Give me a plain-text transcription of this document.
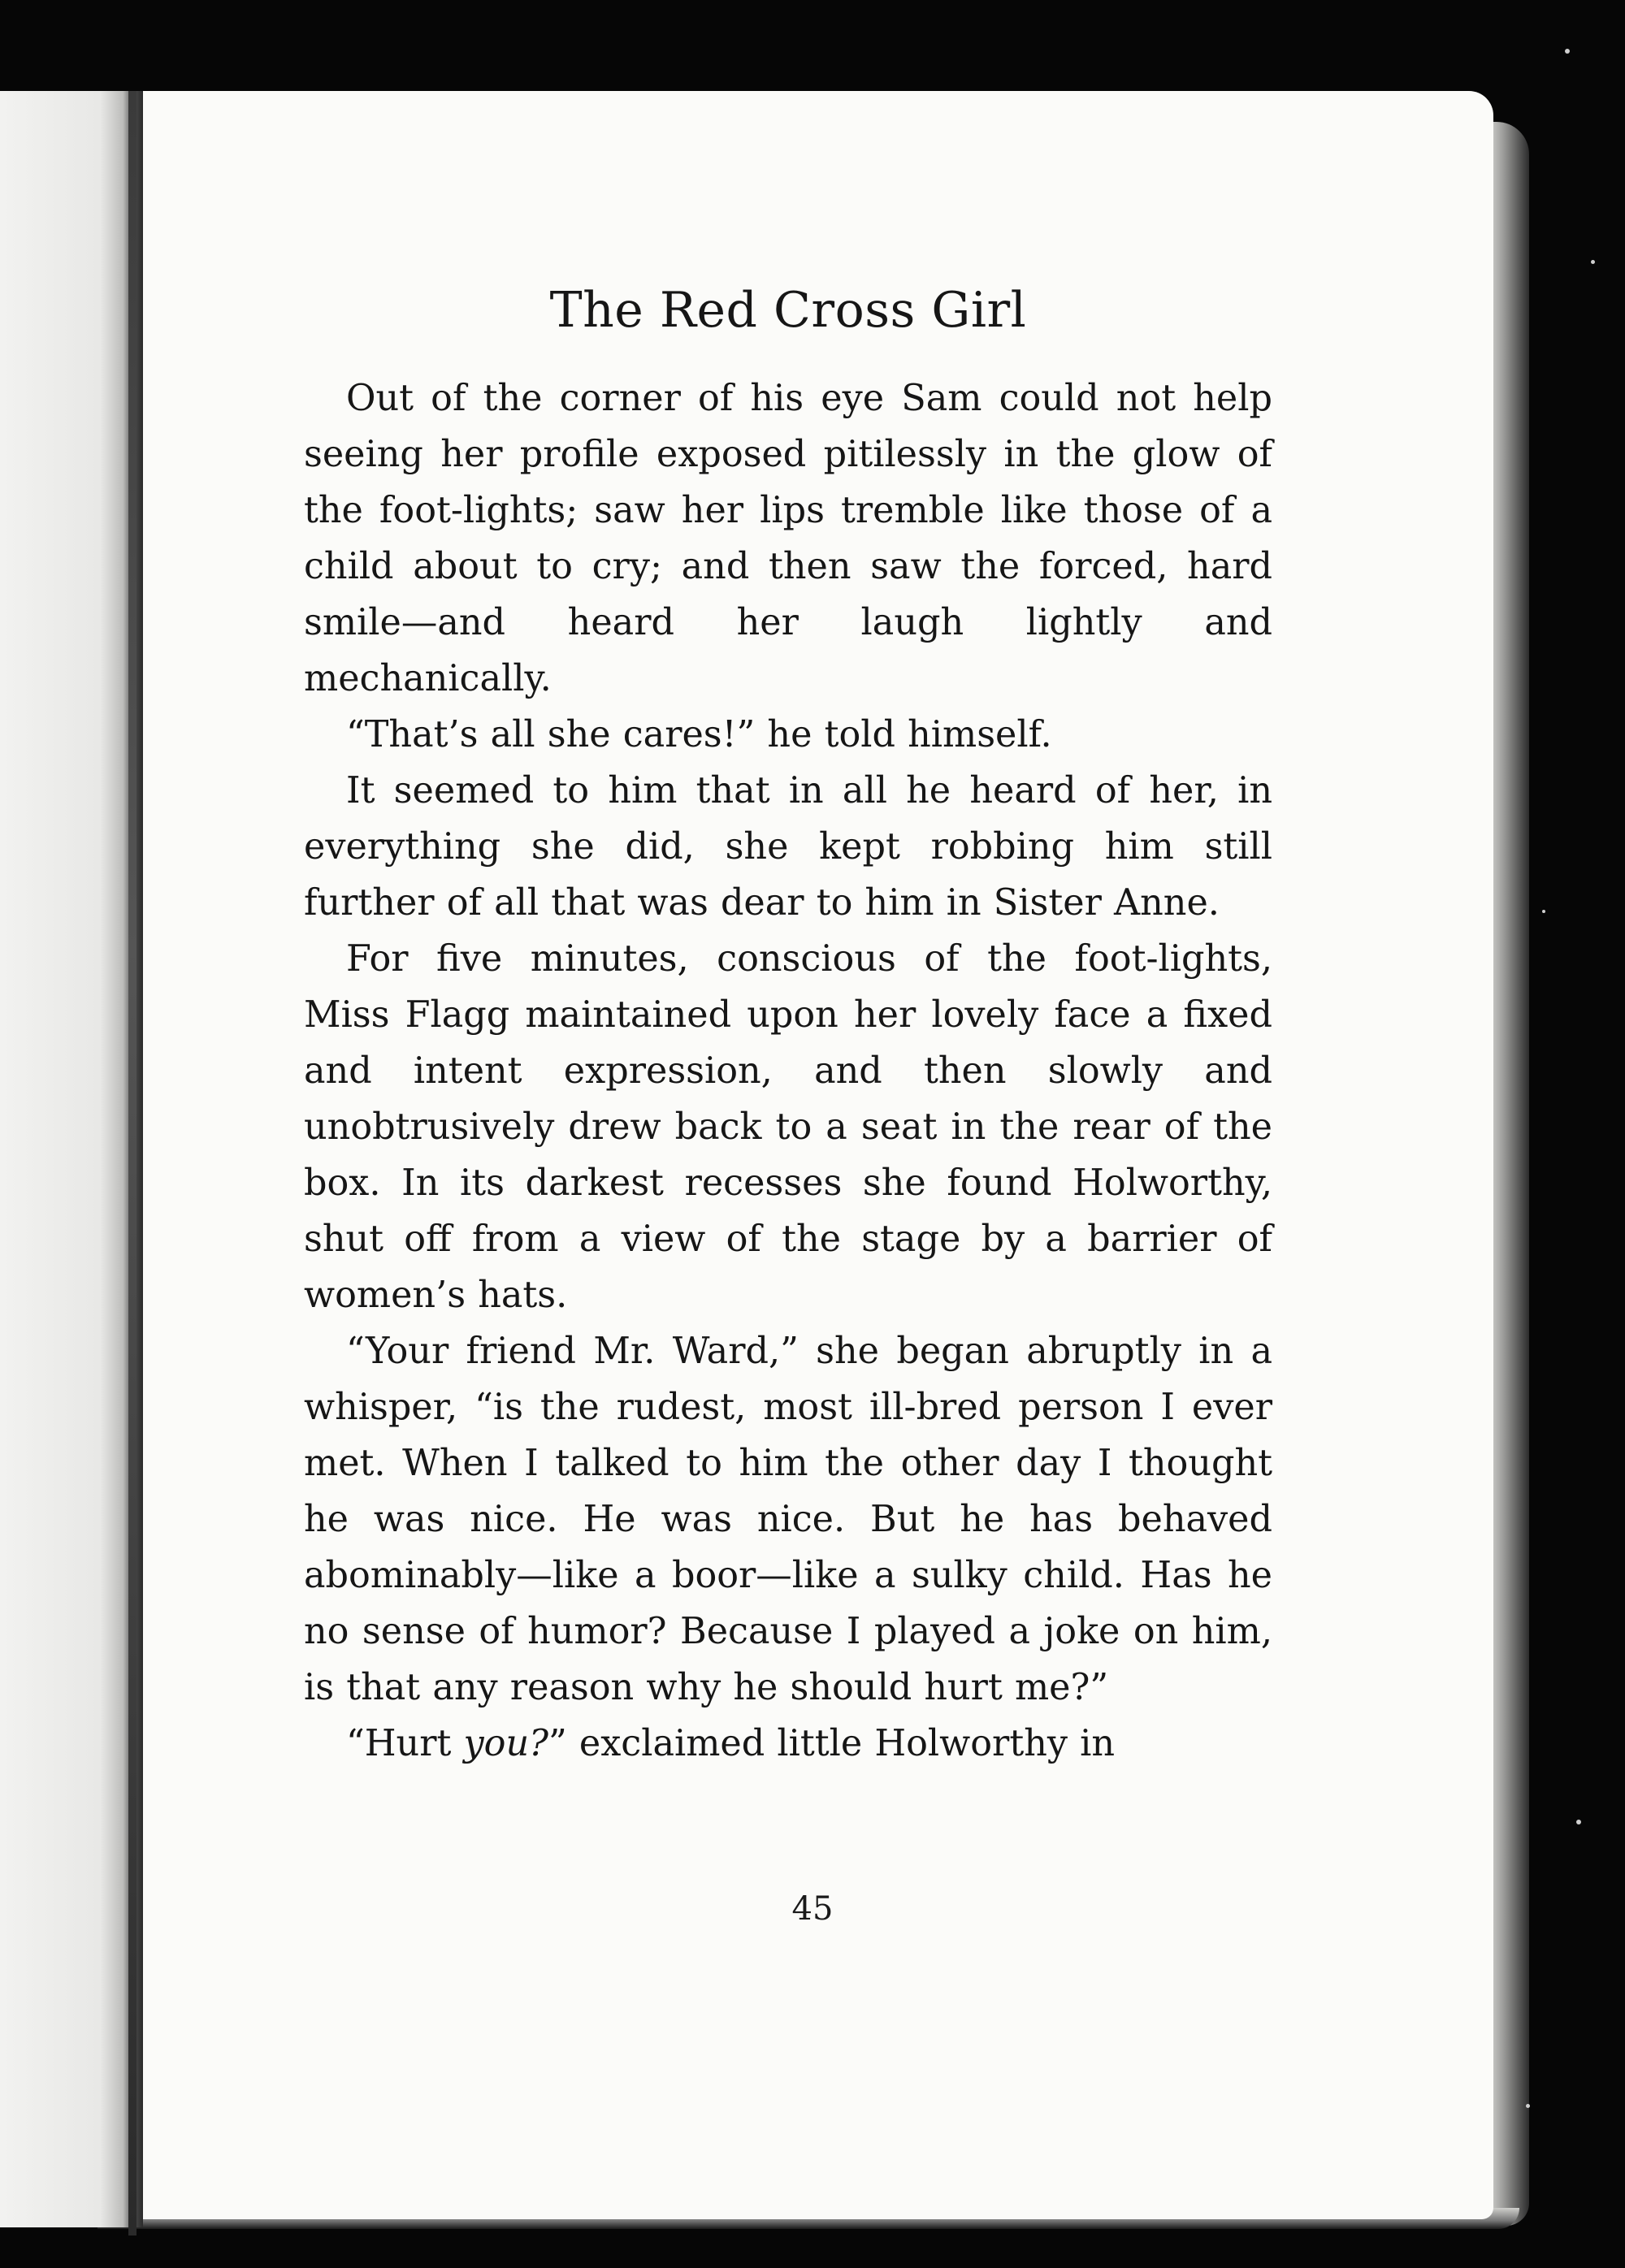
The Red Cross Girl

Out of the corner of his eye Sam could not help seeing her profile exposed pitilessly in the glow of the foot-lights; saw her lips tremble like those of a child about to cry; and then saw the forced, hard smile—and heard her laugh lightly and mechanically.

“That’s all she cares!” he told himself.

It seemed to him that in all he heard of her, in everything she did, she kept robbing him still further of all that was dear to him in Sister Anne.

For five minutes, conscious of the foot-lights, Miss Flagg maintained upon her lovely face a fixed and intent expression, and then slowly and unobtrusively drew back to a seat in the rear of the box. In its darkest recesses she found Holworthy, shut off from a view of the stage by a barrier of women’s hats.

“Your friend Mr. Ward,” she began abruptly in a whisper, “is the rudest, most ill-bred person I ever met. When I talked to him the other day I thought he was nice. He was nice. But he has behaved abominably—like a boor—like a sulky child. Has he no sense of humor? Because I played a joke on him, is that any reason why he should hurt me?”

“Hurt you?” exclaimed little Holworthy in

45
